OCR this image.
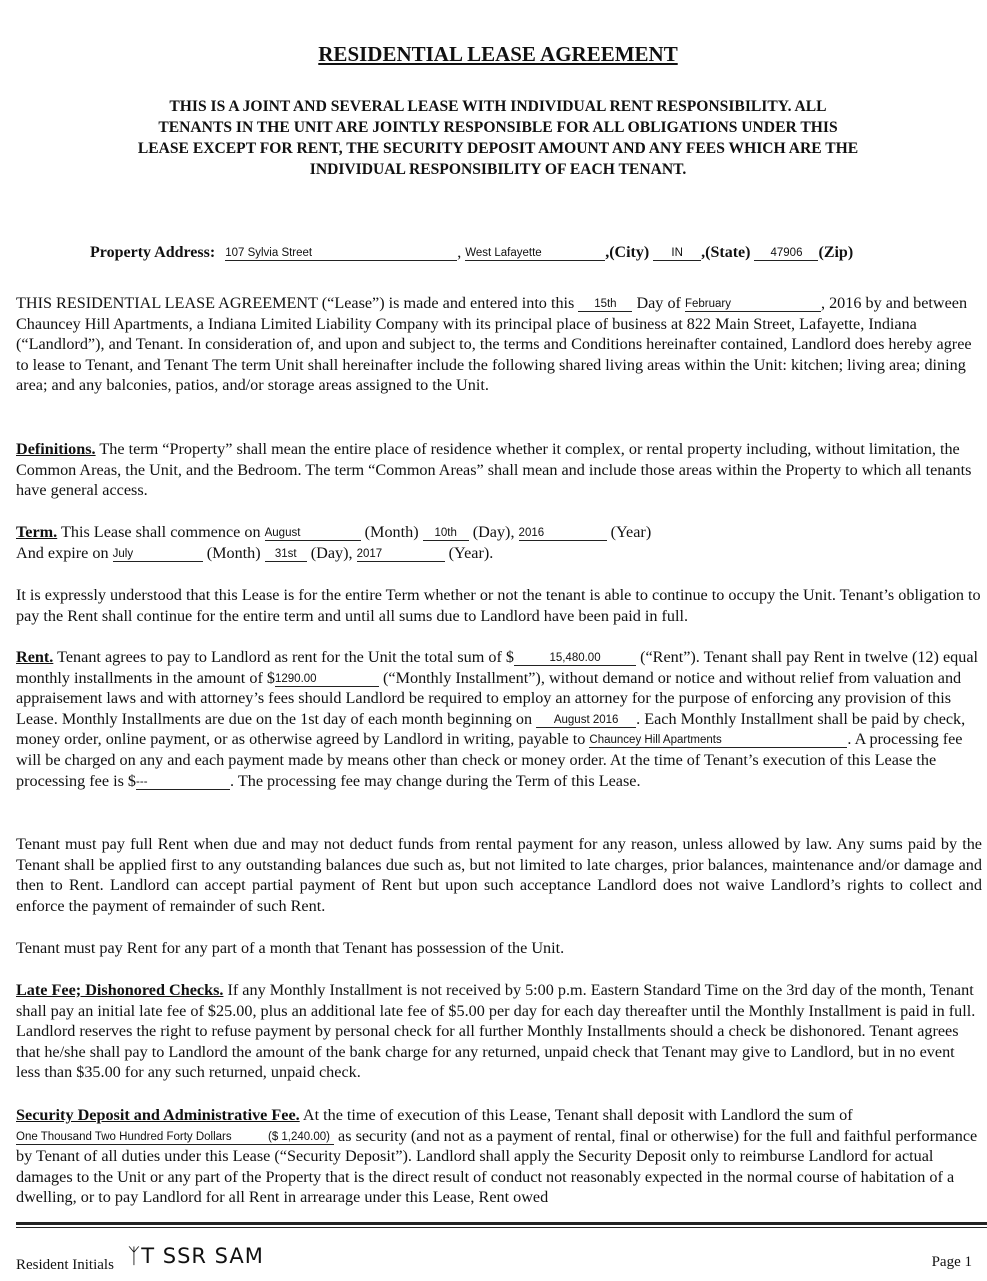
RESIDENTIAL LEASE AGREEMENT
THIS IS A JOINT AND SEVERAL LEASE WITH INDIVIDUAL RENT RESPONSIBILITY. ALL TENANTS IN THE UNIT ARE JOINTLY RESPONSIBLE FOR ALL OBLIGATIONS UNDER THIS LEASE EXCEPT FOR RENT, THE SECURITY DEPOSIT AMOUNT AND ANY FEES WHICH ARE THE INDIVIDUAL RESPONSIBILITY OF EACH TENANT.
Property Address: 107 Sylvia Street	, West Lafayette	,(City) IN ,(State) 47906 (Zip)

THIS RESIDENTIAL LEASE AGREEMENT (“Lease”) is made and entered into this 15th Day of February	, 2016 by and between Chauncey Hill Apartments, a Indiana Limited Liability Company with its principal place of business at 822 Main Street, Lafayette, Indiana (“Landlord”), and Tenant. In consideration of, and upon and subject to, the terms and Conditions hereinafter contained, Landlord does hereby agree to lease to Tenant, and Tenant The term Unit shall hereinafter include the following shared living areas within the Unit: kitchen; living area; dining area; and any balconies, patios, and/or storage areas assigned to the Unit.

Definitions. The term “Property” shall mean the entire place of residence whether it complex, or rental property including, without limitation, the Common Areas, the Unit, and the Bedroom. The term “Common Areas” shall mean and include those areas within the Property to which all tenants have general access.

Term. This Lease shall commence on August	(Month) 10th (Day), 2016	(Year)
And expire on July	(Month) 31st (Day), 2017	(Year).

It is expressly understood that this Lease is for the entire Term whether or not the tenant is able to continue to occupy the Unit. Tenant’s obligation to pay the Rent shall continue for the entire term and until all sums due to Landlord have been paid in full.

Rent. Tenant agrees to pay to Landlord as rent for the Unit the total sum of $	15,480.00 (“Rent”). Tenant shall pay Rent in twelve (12) equal monthly installments in the amount of $1290.00	(“Monthly Installment”), without demand or notice and without relief from valuation and appraisement laws and with attorney’s fees should Landlord be required to employ an attorney for the purpose of enforcing any provision of this Lease. Monthly Installments are due on the 1st day of each month beginning on August 2016 . Each Monthly Installment shall be paid by check, money order, online payment, or as otherwise agreed by Landlord in writing, payable to Chauncey Hill Apartments	. A processing fee will be charged on any and each payment made by means other than check or money order. At the time of Tenant’s execution of this Lease the processing fee is $---	. The processing fee may change during the Term of this Lease.

Tenant must pay full Rent when due and may not deduct funds from rental payment for any reason, unless allowed by law. Any sums paid by the Tenant shall be applied first to any outstanding balances due such as, but not limited to late charges, prior balances, maintenance and/or damage and then to Rent. Landlord can accept partial payment of Rent but upon such acceptance Landlord does not waive Landlord’s rights to collect and enforce the payment of remainder of such Rent.

Tenant must pay Rent for any part of a month that Tenant has possession of the Unit.

Late Fee; Dishonored Checks. If any Monthly Installment is not received by 5:00 p.m. Eastern Standard Time on the 3rd day of the month, Tenant shall pay an initial late fee of $25.00, plus an additional late fee of $5.00 per day for each day thereafter until the Monthly Installment is paid in full. Landlord reserves the right to refuse payment by personal check for all further Monthly Installments should a check be dishonored. Tenant agrees that he/she shall pay to Landlord the amount of the bank charge for any returned, unpaid check that Tenant may give to Landlord, but in no event less than $35.00 for any such returned, unpaid check.

Security Deposit and Administrative Fee. At the time of execution of this Lease, Tenant shall deposit with Landlord the sum of One Thousand Two Hundred Forty Dollars	($ 1,240.00) as security (and not as a payment of rental, final or otherwise) for the full and faithful performance by Tenant of all duties under this Lease (“Security Deposit”). Landlord shall apply the Security Deposit only to reimburse Landlord for actual damages to the Unit or any part of the Property that is the direct result of conduct not reasonably expected in the normal course of habitation of a dwelling, or to pay Landlord for all Rent in arrearage under this Lease, Rent owed

Resident Initials ᛉT SSR SAM	Page 1
